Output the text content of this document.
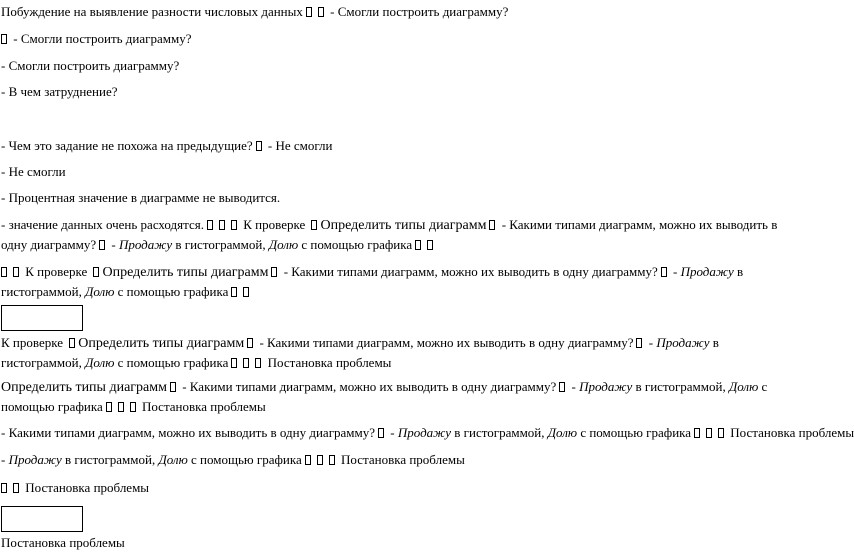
Побуждение на выявление разности числовых данных - Смогли построить диаграмму?
- Смогли построить диаграмму?
- Смогли построить диаграмму?
- В чем затруднение?
- Чем это задание не похожа на предыдущие? - Не смогли
- Не смогли
- Процентная значение в диаграмме не выводится.
- значение данных очень расходятся.	К проверке Определить типы диаграмм - Какими типами диаграмм, можно их выводить в одну диаграмму? - Продажу в гистограммой, Долю с помощью графика
К проверке Определить типы диаграмм - Какими типами диаграмм, можно их выводить в одну диаграмму? - Продажу в гистограммой, Долю с помощью графика
К проверке Определить типы диаграмм - Какими типами диаграмм, можно их выводить в одну диаграмму? - Продажу в гистограммой, Долю с помощью графика	Постановка проблемы
Определить типы диаграмм - Какими типами диаграмм, можно их выводить в одну диаграмму? - Продажу в гистограммой, Долю с помощью графика	Постановка проблемы
- Какими типами диаграмм, можно их выводить в одну диаграмму? - Продажу в гистограммой, Долю с помощью графика	Постановка проблемы
- Продажу в гистограммой, Долю с помощью графика	Постановка проблемы
Постановка проблемы
Постановка проблемы
